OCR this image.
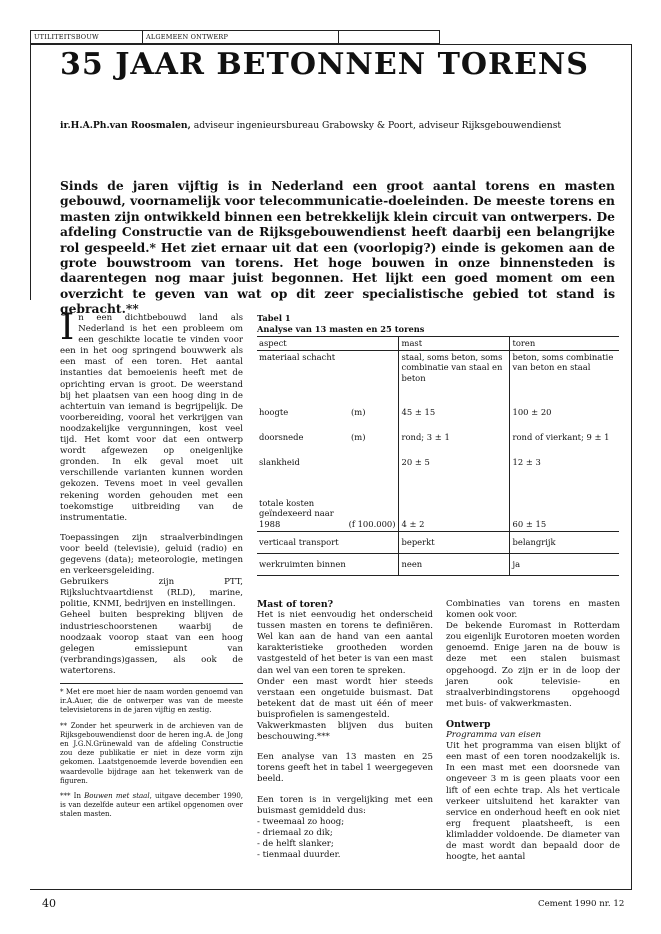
UTILITEITSBOUW	ALGEMEEN ONTWERP
35 JAAR BETONNEN TORENS
ir.H.A.Ph.van Roosmalen, adviseur ingenieursbureau Grabowsky & Poort, adviseur Rijksgebouwendienst
Sinds de jaren vijftig is in Nederland een groot aantal torens en masten gebouwd, voornamelijk voor telecommunicatie-doeleinden. De meeste torens en masten zijn ontwikkeld binnen een betrekkelijk klein circuit van ontwerpers. De afdeling Constructie van de Rijksgebouwendienst heeft daarbij een belangrijke rol gespeeld.* Het ziet ernaar uit dat een (voorlopig?) einde is gekomen aan de grote bouwstroom van torens. Het hoge bouwen in onze binnensteden is daarentegen nog maar juist begonnen. Het lijkt een goed moment om een overzicht te geven van wat op dit zeer specialistische gebied tot stand is gebracht.**

In een dichtbebouwd land als Nederland is het een probleem om een geschikte locatie te vinden voor een in het oog springend bouwwerk als een mast of een toren. Het aantal instanties dat bemoeienis heeft met de oprichting ervan is groot. De weerstand bij het plaatsen van een hoog ding in de achtertuin van iemand is begrijpelijk. De voorbereiding, vooral het verkrijgen van noodzakelijke vergunningen, kost veel tijd. Het komt voor dat een ontwerp wordt afgewezen op oneigenlijke gronden. In elk geval moet uit verschillende varianten kunnen worden gekozen. Tevens moet in veel gevallen rekening worden gehouden met een toekomstige uitbreiding van de instrumentatie.

Toepassingen zijn straalverbindingen voor beeld (televisie), geluid (radio) en gegevens (data); meteorologie, metingen en verkeersgeleiding.

Gebruikers zijn PTT, Rijksluchtvaartdienst (RLD), marine, politie, KNMI, bedrijven en instellingen.

Geheel buiten bespreking blijven de industrieschoorstenen waarbij de noodzaak voorop staat van een hoog gelegen emissiepunt van (verbrandings)gassen, als ook de watertorens.

* Met ere moet hier de naam worden genoemd van ir.A.Auer, die de ontwerper was van de meeste televisietorens in de jaren vijftig en zestig.

** Zonder het speurwerk in de archieven van de Rijksgebouwendienst door de heren ing.A. de Jong en J.G.N.Grünewald van de afdeling Constructie zou deze publikatie er niet in deze vorm zijn gekomen. Laatstgenoemde leverde bovendien een waardevolle bijdrage aan het tekenwerk van de figuren.

*** In Bouwen met staal, uitgave december 1990, is van dezelfde auteur een artikel opgenomen over stalen masten.

Tabel 1
Analyse van 13 masten en 25 torens
aspect	mast	toren

materiaal schacht	staal, soms beton, soms combinatie van staal en beton	beton, soms combinatie van beton en staal

hoogte (m)	45 ± 15	100 ± 20

doorsnede (m)	rond; 3 ± 1	rond of vierkant; 9 ± 1

slankheid	20 ± 5	12 ± 3

totale kosten geïndexeerd naar 1988 (f 100.000)	4 ± 2	60 ± 15
verticaal transport	beperkt	belangrijk
werkruimten binnen	neen	ja

Mast of toren?

Het is niet eenvoudig het onderscheid tussen masten en torens te definiëren. Wel kan aan de hand van een aantal karakteristieke grootheden worden vastgesteld of het beter is van een mast dan wel van een toren te spreken.

Onder een mast wordt hier steeds verstaan een ongetuide buismast. Dat betekent dat de mast uit één of meer buisprofielen is samengesteld.

Vakwerkmasten blijven dus buiten beschouwing.***

Een analyse van 13 masten en 25 torens geeft het in tabel 1 weergegeven beeld.

Een toren is in vergelijking met een buismast gemiddeld dus:

- tweemaal zo hoog;

- driemaal zo dik;

- de helft slanker;

- tienmaal duurder.

Combinaties van torens en masten komen ook voor.

De bekende Euromast in Rotterdam zou eigenlijk Eurotoren moeten worden genoemd. Enige jaren na de bouw is deze met een stalen buismast opgehoogd. Zo zijn er in de loop der jaren ook televisie- en straalverbindingstorens opgehoogd met buis- of vakwerkmasten.

Ontwerp

Programma van eisen

Uit het programma van eisen blijkt of een mast of een toren noodzakelijk is. In een mast met een doorsnede van ongeveer 3 m is geen plaats voor een lift of een echte trap. Als het verticale verkeer uitsluitend het karakter van service en onderhoud heeft en ook niet erg frequent plaatsheeft, is een klimladder voldoende. De diameter van de mast wordt dan bepaald door de hoogte, het aantal

40	Cement 1990 nr. 12
